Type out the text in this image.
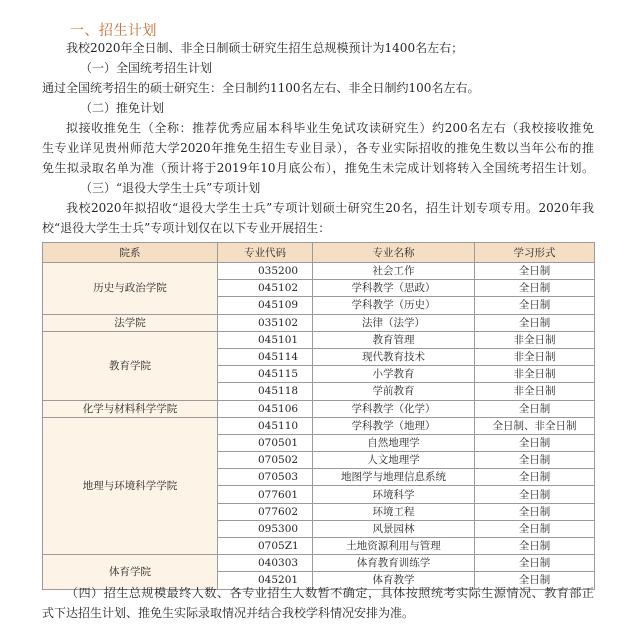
一、招生计划
我校2020年全日制、非全日制硕士研究生招生总规模预计为1400名左右；
（一）全国统考招生计划
通过全国统考招生的硕士研究生：全日制约1100名左右、非全日制约100名左右。
（二）推免计划
拟接收推免生（全称：推荐优秀应届本科毕业生免试攻读研究生）约200名左右（我校接收推免
生专业详见贵州师范大学2020年推免生招生专业目录），各专业实际招收的推免生数以当年公布的推
免生拟录取名单为准（预计将于2019年10月底公布），推免生未完成计划将转入全国统考招生计划。
（三）“退役大学生士兵”专项计划
我校2020年拟招收“退役大学生士兵”专项计划硕士研究生20名，招生计划专项专用。2020年我
校“退役大学生士兵”专项计划仅在以下专业开展招生：
院系	专业代码	专业名称	学习形式
历史与政治学院	035200	社会工作	全日制
	045102	学科教学（思政）	全日制
	045109	学科教学（历史）	全日制
法学院	035102	法律（法学）	全日制
教育学院	045101	教育管理	非全日制
	045114	现代教育技术	非全日制
	045115	小学教育	非全日制
	045118	学前教育	非全日制
化学与材料科学学院	045106	学科教学（化学）	全日制
地理与环境科学学院	045110	学科教学（地理）	全日制、非全日制
	070501	自然地理学	全日制
	070502	人文地理学	全日制
	070503	地图学与地理信息系统	全日制
	077601	环境科学	全日制
	077602	环境工程	全日制
	095300	风景园林	全日制
	0705Z1	土地资源利用与管理	全日制
体育学院	040303	体育教育训练学	全日制
	045201	体育教学	全日制
（四）招生总规模最终人数、各专业招生人数暂不确定，具体按照统考实际生源情况、教育部正
式下达招生计划、推免生实际录取情况并结合我校学科情况安排为准。
